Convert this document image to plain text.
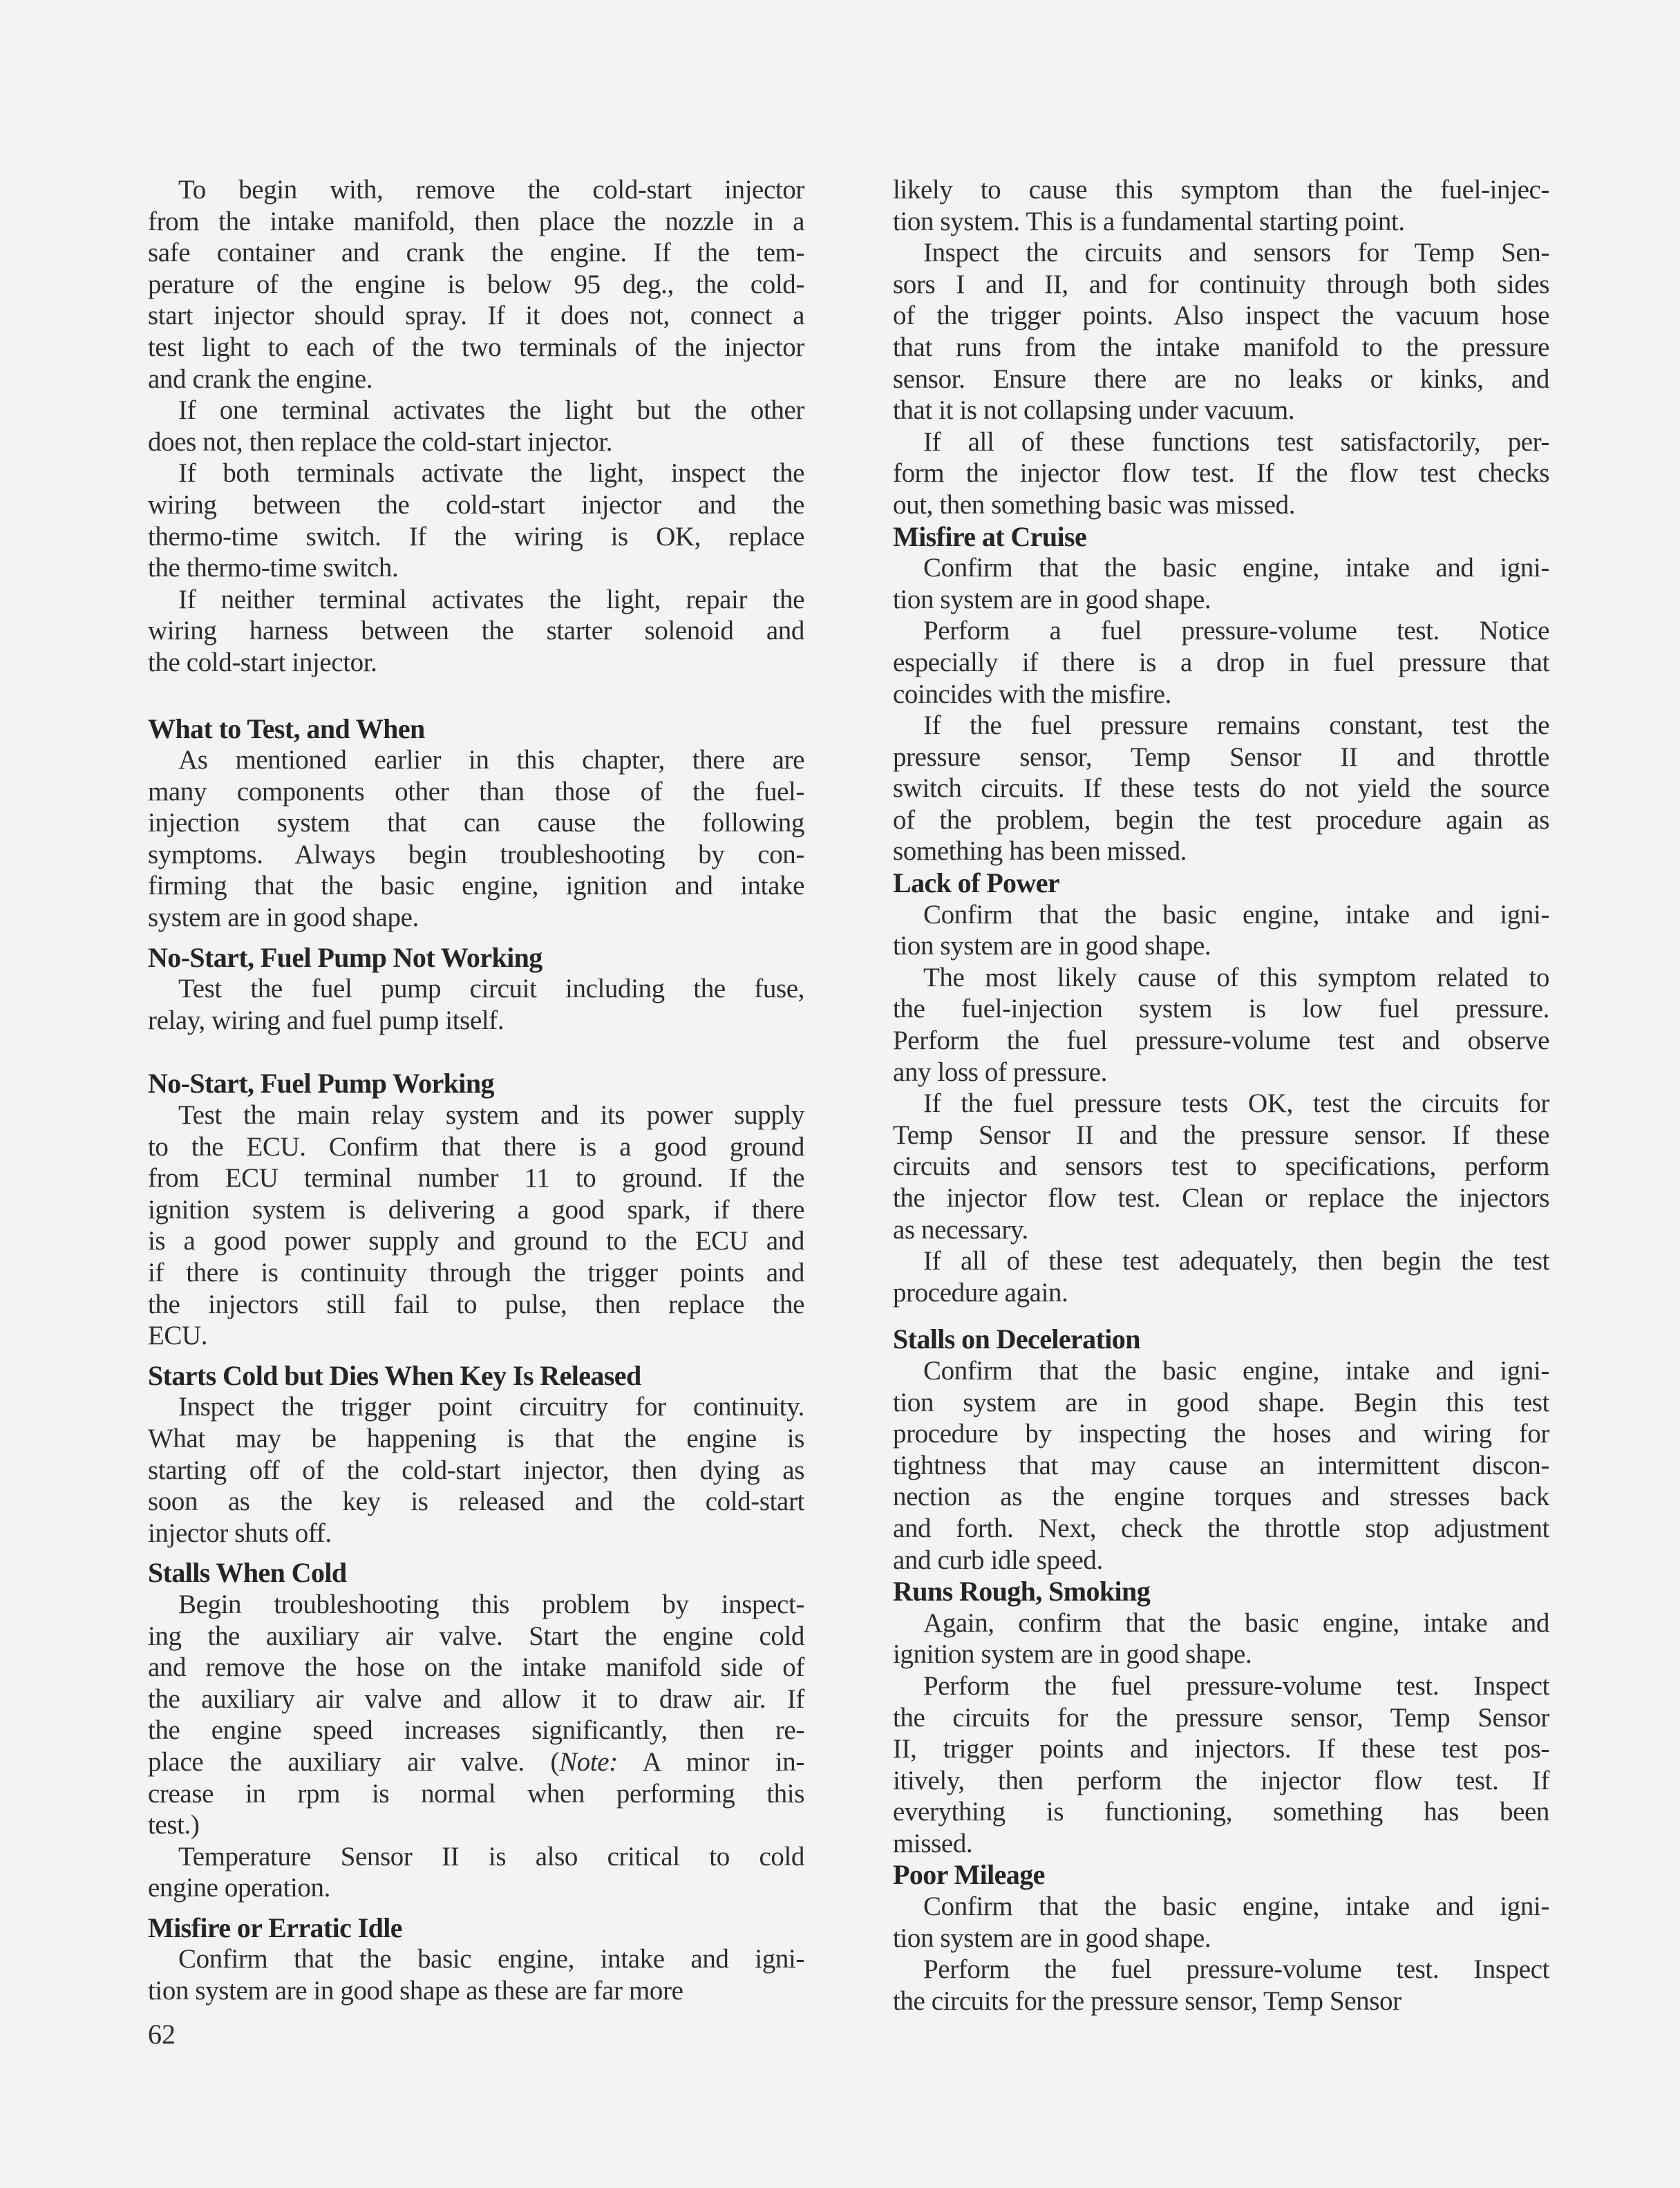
To begin with, remove the cold-start injector
from the intake manifold, then place the nozzle in a
safe container and crank the engine. If the tem-
perature of the engine is below 95 deg., the cold-
start injector should spray. If it does not, connect a
test light to each of the two terminals of the injector
and crank the engine.
If one terminal activates the light but the other
does not, then replace the cold-start injector.
If both terminals activate the light, inspect the
wiring between the cold-start injector and the
thermo-time switch. If the wiring is OK, replace
the thermo-time switch.
If neither terminal activates the light, repair the
wiring harness between the starter solenoid and
the cold-start injector.
What to Test, and When
As mentioned earlier in this chapter, there are
many components other than those of the fuel-
injection system that can cause the following
symptoms. Always begin troubleshooting by con-
firming that the basic engine, ignition and intake
system are in good shape.
No-Start, Fuel Pump Not Working
Test the fuel pump circuit including the fuse,
relay, wiring and fuel pump itself.
No-Start, Fuel Pump Working
Test the main relay system and its power supply
to the ECU. Confirm that there is a good ground
from ECU terminal number 11 to ground. If the
ignition system is delivering a good spark, if there
is a good power supply and ground to the ECU and
if there is continuity through the trigger points and
the injectors still fail to pulse, then replace the
ECU.
Starts Cold but Dies When Key Is Released
Inspect the trigger point circuitry for continuity.
What may be happening is that the engine is
starting off of the cold-start injector, then dying as
soon as the key is released and the cold-start
injector shuts off.
Stalls When Cold
Begin troubleshooting this problem by inspect-
ing the auxiliary air valve. Start the engine cold
and remove the hose on the intake manifold side of
the auxiliary air valve and allow it to draw air. If
the engine speed increases significantly, then re-
place the auxiliary air valve. (Note: A minor in-
crease in rpm is normal when performing this
test.)
Temperature Sensor II is also critical to cold
engine operation.
Misfire or Erratic Idle
Confirm that the basic engine, intake and igni-
tion system are in good shape as these are far more
likely to cause this symptom than the fuel-injec-
tion system. This is a fundamental starting point.
Inspect the circuits and sensors for Temp Sen-
sors I and II, and for continuity through both sides
of the trigger points. Also inspect the vacuum hose
that runs from the intake manifold to the pressure
sensor. Ensure there are no leaks or kinks, and
that it is not collapsing under vacuum.
If all of these functions test satisfactorily, per-
form the injector flow test. If the flow test checks
out, then something basic was missed.
Misfire at Cruise
Confirm that the basic engine, intake and igni-
tion system are in good shape.
Perform a fuel pressure-volume test. Notice
especially if there is a drop in fuel pressure that
coincides with the misfire.
If the fuel pressure remains constant, test the
pressure sensor, Temp Sensor II and throttle
switch circuits. If these tests do not yield the source
of the problem, begin the test procedure again as
something has been missed.
Lack of Power
Confirm that the basic engine, intake and igni-
tion system are in good shape.
The most likely cause of this symptom related to
the fuel-injection system is low fuel pressure.
Perform the fuel pressure-volume test and observe
any loss of pressure.
If the fuel pressure tests OK, test the circuits for
Temp Sensor II and the pressure sensor. If these
circuits and sensors test to specifications, perform
the injector flow test. Clean or replace the injectors
as necessary.
If all of these test adequately, then begin the test
procedure again.
Stalls on Deceleration
Confirm that the basic engine, intake and igni-
tion system are in good shape. Begin this test
procedure by inspecting the hoses and wiring for
tightness that may cause an intermittent discon-
nection as the engine torques and stresses back
and forth. Next, check the throttle stop adjustment
and curb idle speed.
Runs Rough, Smoking
Again, confirm that the basic engine, intake and
ignition system are in good shape.
Perform the fuel pressure-volume test. Inspect
the circuits for the pressure sensor, Temp Sensor
II, trigger points and injectors. If these test pos-
itively, then perform the injector flow test. If
everything is functioning, something has been
missed.
Poor Mileage
Confirm that the basic engine, intake and igni-
tion system are in good shape.
Perform the fuel pressure-volume test. Inspect
the circuits for the pressure sensor, Temp Sensor
62
